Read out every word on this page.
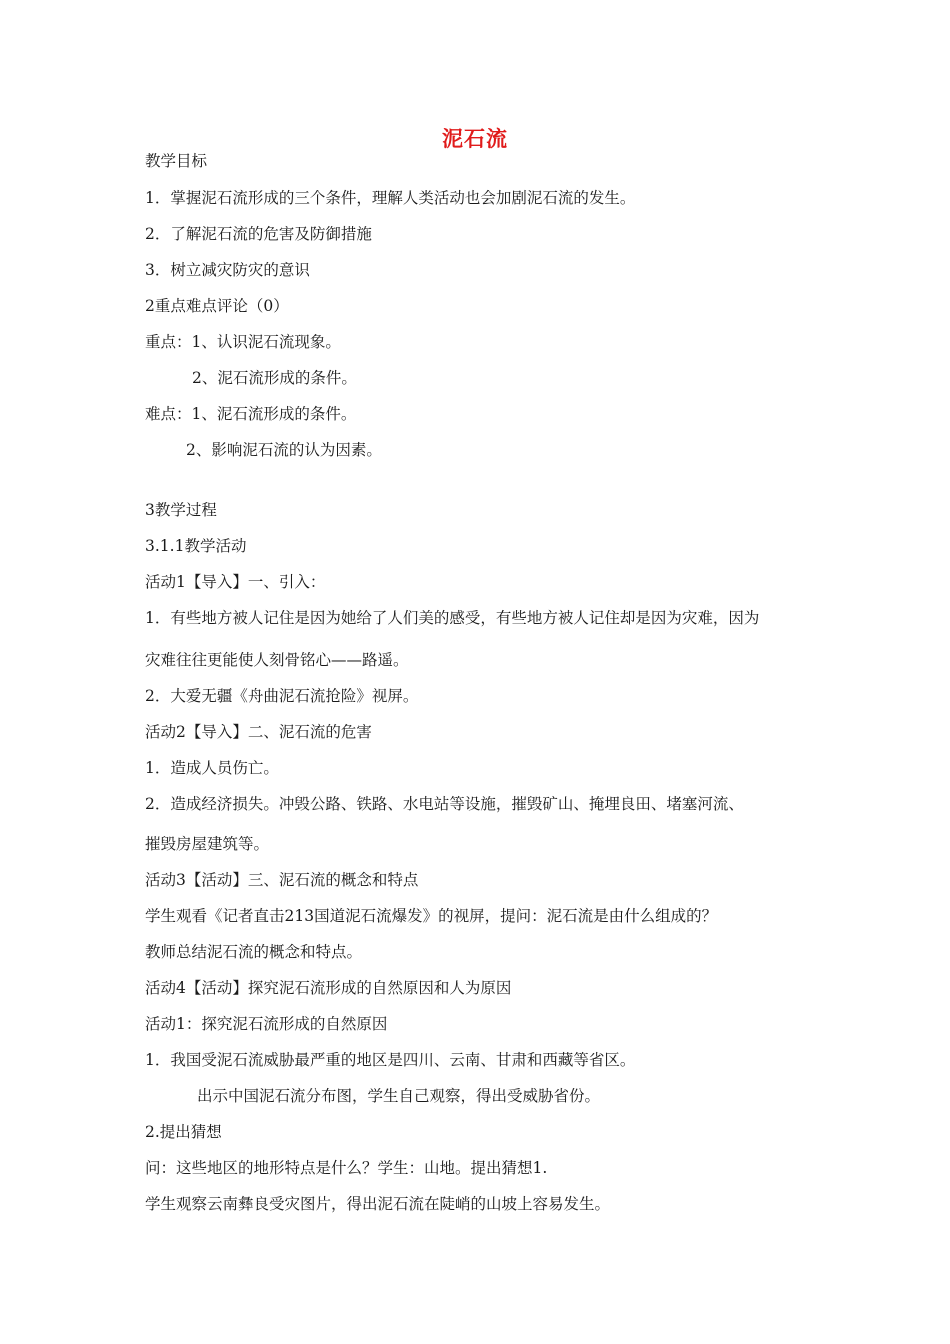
泥石流
教学目标
1．掌握泥石流形成的三个条件，理解人类活动也会加剧泥石流的发生。
2．了解泥石流的危害及防御措施
3．树立减灾防灾的意识
2重点难点评论（0）
重点：1、认识泥石流现象。
2、泥石流形成的条件。
难点：1、泥石流形成的条件。
2、影响泥石流的认为因素。
3教学过程
3.1.1教学活动
活动1【导入】一、引入：
1．有些地方被人记住是因为她给了人们美的感受，有些地方被人记住却是因为灾难，因为
灾难往往更能使人刻骨铭心——路遥。
2．大爱无疆《舟曲泥石流抢险》视屏。
活动2【导入】二、泥石流的危害
1．造成人员伤亡。
2．造成经济损失。冲毁公路、铁路、水电站等设施，摧毁矿山、掩埋良田、堵塞河流、
摧毁房屋建筑等。
活动3【活动】三、泥石流的概念和特点
学生观看《记者直击213国道泥石流爆发》的视屏，提问：泥石流是由什么组成的？
教师总结泥石流的概念和特点。
活动4【活动】探究泥石流形成的自然原因和人为原因
活动1：探究泥石流形成的自然原因
1．我国受泥石流威胁最严重的地区是四川、云南、甘肃和西藏等省区。
出示中国泥石流分布图，学生自己观察，得出受威胁省份。
2.提出猜想
问：这些地区的地形特点是什么？学生：山地。提出猜想1.
学生观察云南彝良受灾图片，得出泥石流在陡峭的山坡上容易发生。
